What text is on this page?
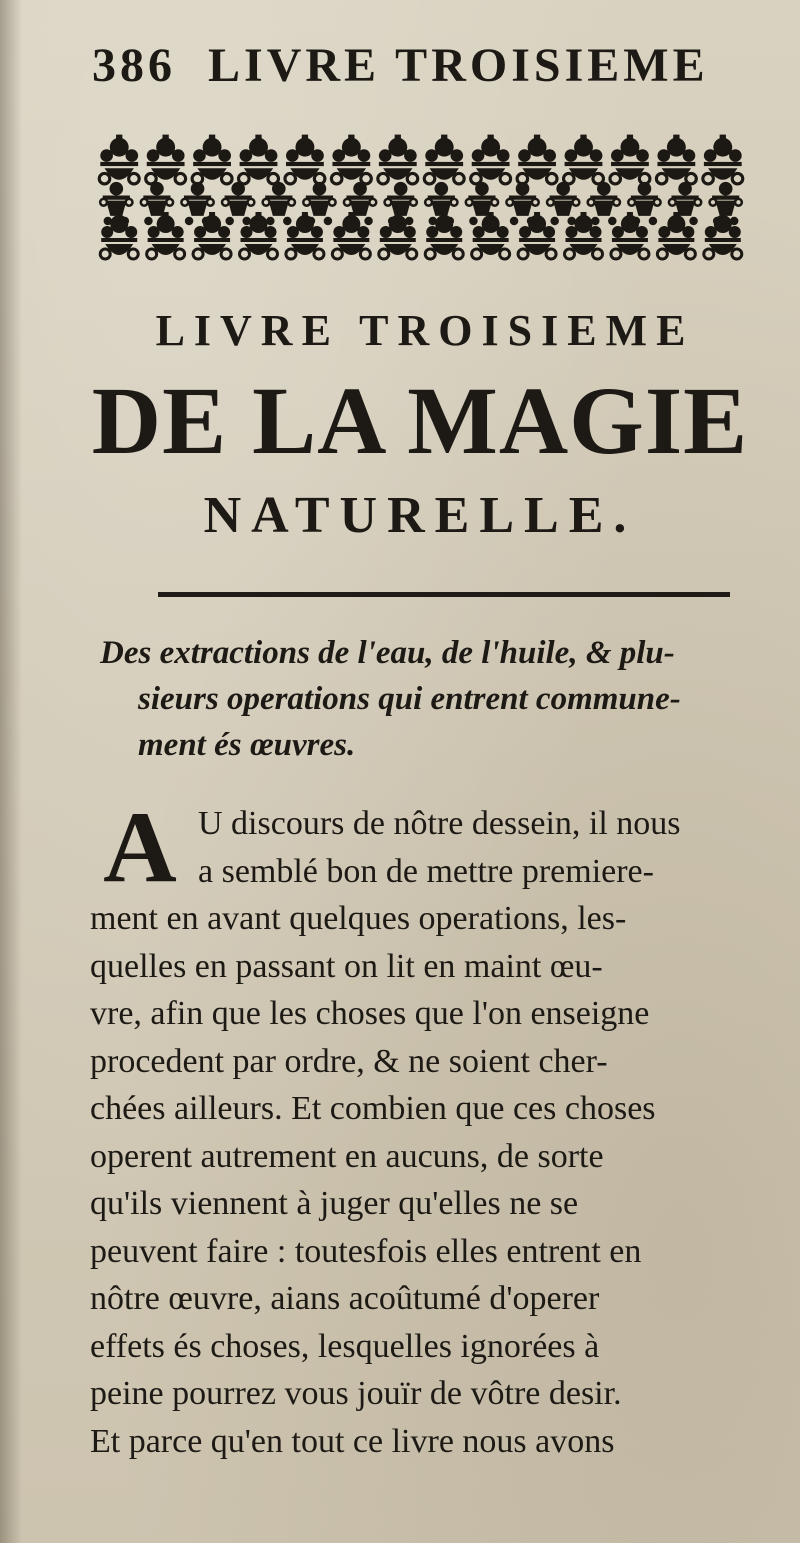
386 LIVRE TROISIEME
LIVRE TROISIEME
DE LA MAGIE
NATURELLE.
Des extractions de l'eau, de l'huile, & plu-
sieurs operations qui entrent commune-
ment és œuvres.
A U discours de nôtre dessein, il nous
a semblé bon de mettre premiere-
ment en avant quelques operations, les-
quelles en passant on lit en maint œu-
vre, afin que les choses que l'on enseigne
procedent par ordre, & ne soient cher-
chées ailleurs. Et combien que ces choses
operent autrement en aucuns, de sorte
qu'ils viennent à juger qu'elles ne se
peuvent faire : toutesfois elles entrent en
nôtre œuvre, aians acoûtumé d'operer
effets és choses, lesquelles ignorées à
peine pourrez vous jouïr de vôtre desir.
Et parce qu'en tout ce livre nous avons
